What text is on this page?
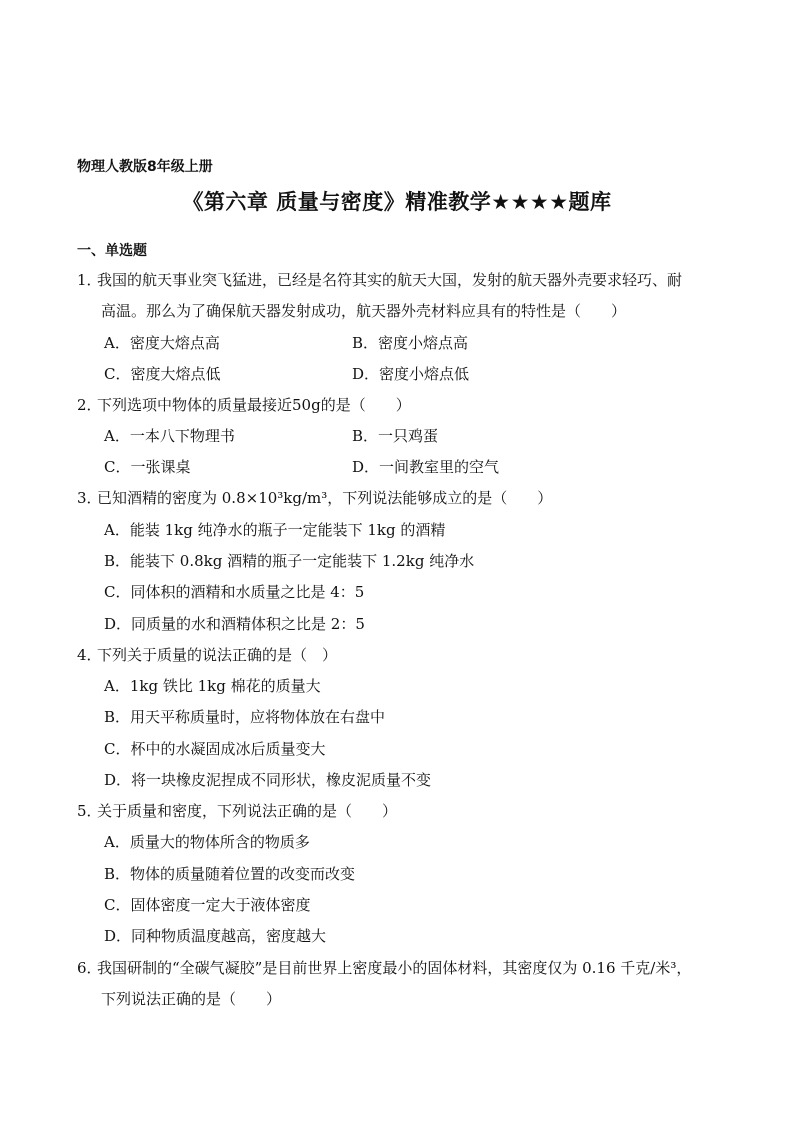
物理人教版8年级上册
《第六章 质量与密度》精准教学★★★★题库
一、单选题
1．我国的航天事业突飞猛进，已经是名符其实的航天大国，发射的航天器外壳要求轻巧、耐
高温。那么为了确保航天器发射成功，航天器外壳材料应具有的特性是（　　）
A．密度大熔点高	B．密度小熔点高
C．密度大熔点低	D．密度小熔点低
2．下列选项中物体的质量最接近50g的是（　　）
A．一本八下物理书	B．一只鸡蛋
C．一张课桌	D．一间教室里的空气
3．已知酒精的密度为 0.8×10³kg/m³，下列说法能够成立的是（　　）
A．能装 1kg 纯净水的瓶子一定能装下 1kg 的酒精
B．能装下 0.8kg 酒精的瓶子一定能装下 1.2kg 纯净水
C．同体积的酒精和水质量之比是 4：5
D．同质量的水和酒精体积之比是 2：5
4．下列关于质量的说法正确的是（　）
A．1kg 铁比 1kg 棉花的质量大
B．用天平称质量时，应将物体放在右盘中
C．杯中的水凝固成冰后质量变大
D．将一块橡皮泥捏成不同形状，橡皮泥质量不变
5．关于质量和密度，下列说法正确的是（　　）
A．质量大的物体所含的物质多
B．物体的质量随着位置的改变而改变
C．固体密度一定大于液体密度
D．同种物质温度越高，密度越大
6．我国研制的“全碳气凝胶”是目前世界上密度最小的固体材料，其密度仅为 0.16 千克/米³，
下列说法正确的是（　　）
